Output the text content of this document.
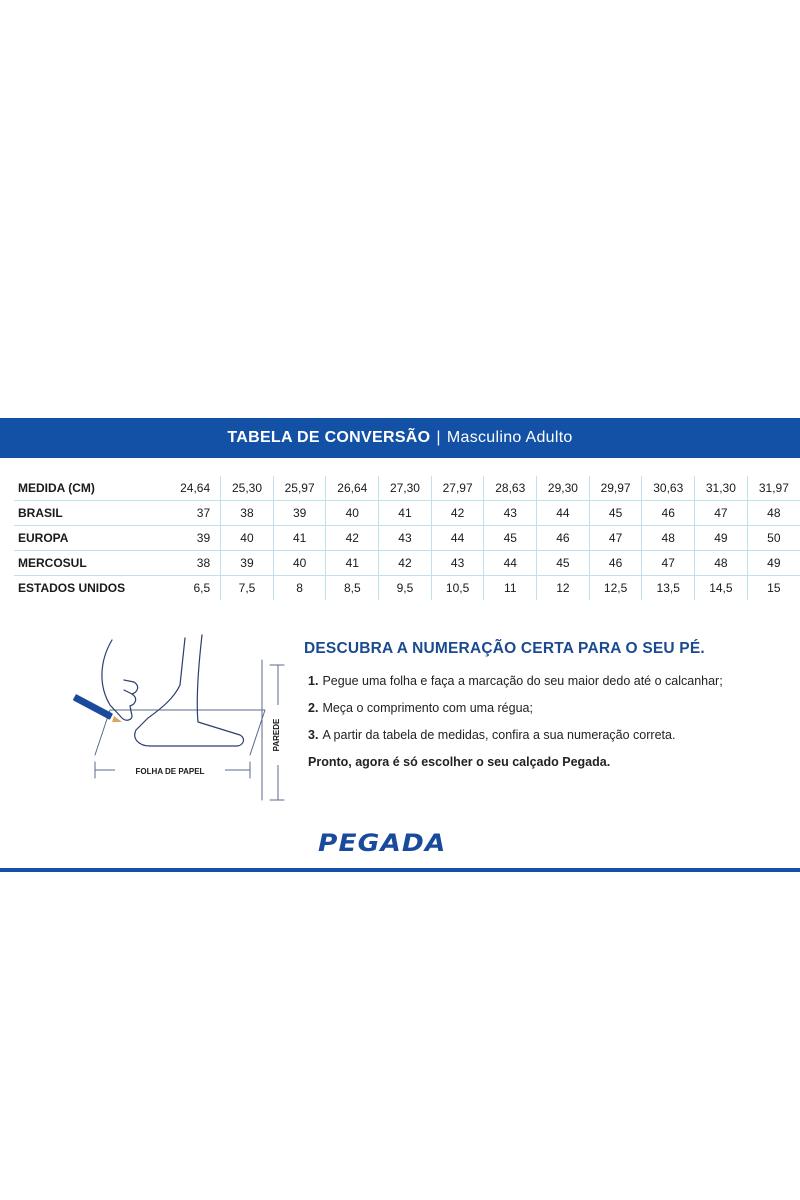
TABELA DE CONVERSÃO | Masculino Adulto
MEDIDA (CM)	24,64	25,30	25,97	26,64	27,30	27,97	28,63	29,30	29,97	30,63	31,30	31,97
BRASIL	37	38	39	40	41	42	43	44	45	46	47	48
EUROPA	39	40	41	42	43	44	45	46	47	48	49	50
MERCOSUL	38	39	40	41	42	43	44	45	46	47	48	49
ESTADOS UNIDOS	6,5	7,5	8	8,5	9,5	10,5	11	12	12,5	13,5	14,5	15
FOLHA DE PAPEL
PAREDE
DESCUBRA A NUMERAÇÃO CERTA PARA O SEU PÉ.

1. Pegue uma folha e faça a marcação do seu maior dedo até o calcanhar;

2. Meça o comprimento com uma régua;

3. A partir da tabela de medidas, confira a sua numeração correta.

Pronto, agora é só escolher o seu calçado Pegada.

PEGADA
